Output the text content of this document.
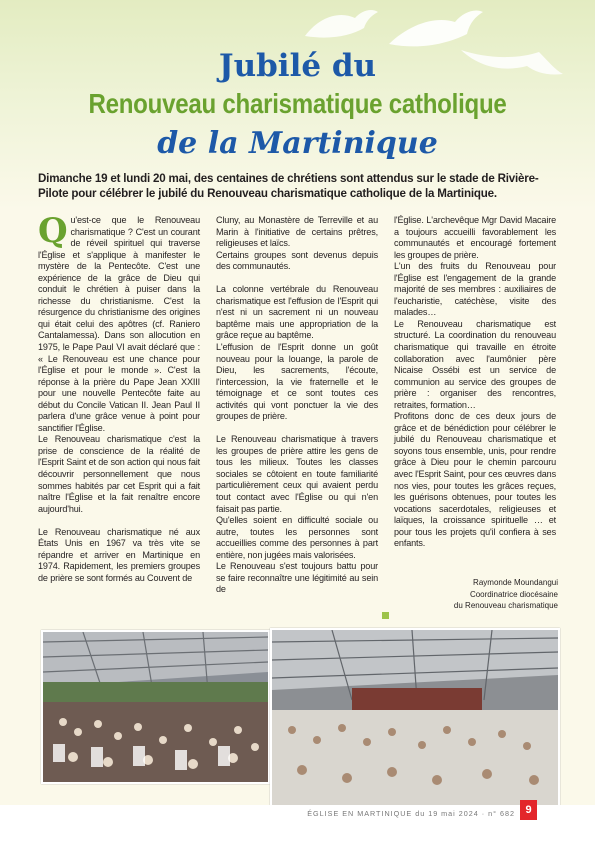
Jubilé du
Renouveau charismatique catholique
de la Martinique
Dimanche 19 et lundi 20 mai, des centaines de chrétiens sont attendus sur le stade de Rivière-Pilote pour célébrer le jubilé du Renouveau charismatique catholique de la Martinique.

Qu'est-ce que le Renouveau charismatique ? C'est un courant de réveil spirituel qui traverse l'Église et s'applique à manifester le mystère de la Pentecôte. C'est une expérience de la grâce de Dieu qui conduit le chrétien à puiser dans la richesse du christianisme. C'est la résurgence du christianisme des origines qui était celui des apôtres (cf. Raniero Cantalamessa). Dans son allocution en 1975, le Pape Paul VI avait déclaré que : « Le Renouveau est une chance pour l'Église et pour le monde ». C'est la réponse à la prière du Pape Jean XXIII pour une nouvelle Pentecôte faite au début du Concile Vatican II. Jean Paul II parlera d'une grâce venue à point pour sanctifier l'Église.

Le Renouveau charismatique c'est la prise de conscience de la réalité de l'Esprit Saint et de son action qui nous fait découvrir personnellement que nous sommes habités par cet Esprit qui a fait naître l'Église et la fait renaître encore aujourd'hui.

Le Renouveau charismatique né aux États Unis en 1967 va très vite se répandre et arriver en Martinique en 1974. Rapidement, les premiers groupes de prière se sont formés au Couvent de

Cluny, au Monastère de Terreville et au Marin à l'initiative de certains prêtres, religieuses et laïcs.
Certains groupes sont devenus depuis des communautés.

La colonne vertébrale du Renouveau charismatique est l'effusion de l'Esprit qui n'est ni un sacrement ni un nouveau baptême mais une appropriation de la grâce reçue au baptême.
L'effusion de l'Esprit donne un goût nouveau pour la louange, la parole de Dieu, les sacrements, l'écoute, l'intercession, la vie fraternelle et le témoignage et ce sont toutes ces activités qui vont ponctuer la vie des groupes de prière.

Le Renouveau charismatique à travers les groupes de prière attire les gens de tous les milieux. Toutes les classes sociales se côtoient en toute familiarité particulièrement ceux qui avaient perdu tout contact avec l'Église ou qui n'en faisait pas partie.
Qu'elles soient en difficulté sociale ou autre, toutes les personnes sont accueillies comme des personnes à part entière, non jugées mais valorisées.
Le Renouveau s'est toujours battu pour se faire reconnaître une légitimité au sein de

l'Église. L'archevêque Mgr David Macaire a toujours accueilli favorablement les communautés et encouragé fortement les groupes de prière.
L'un des fruits du Renouveau pour l'Église est l'engagement de la grande majorité de ses membres : auxiliaires de l'eucharistie, catéchèse, visite des malades…
Le Renouveau charismatique est structuré. La coordination du renouveau charismatique qui travaille en étroite collaboration avec l'aumônier père Nicaise Ossébi est un service de communion au service des groupes de prière : organiser des rencontres, retraites, formation…
Profitons donc de ces deux jours de grâce et de bénédiction pour célébrer le jubilé du Renouveau charismatique et soyons tous ensemble, unis, pour rendre grâce à Dieu pour le chemin parcouru avec l'Esprit Saint, pour ces œuvres dans nos vies, pour toutes les grâces reçues, les guérisons obtenues, pour toutes les vocations sacerdotales, religieuses et laïques, la croissance spirituelle … et pour tous les projets qu'il confiera à ses enfants.

Raymonde Moundangui
Coordinatrice diocésaine
du Renouveau charismatique
ÉGLISE EN MARTINIQUE du 19 mai 2024 · n° 682 9
